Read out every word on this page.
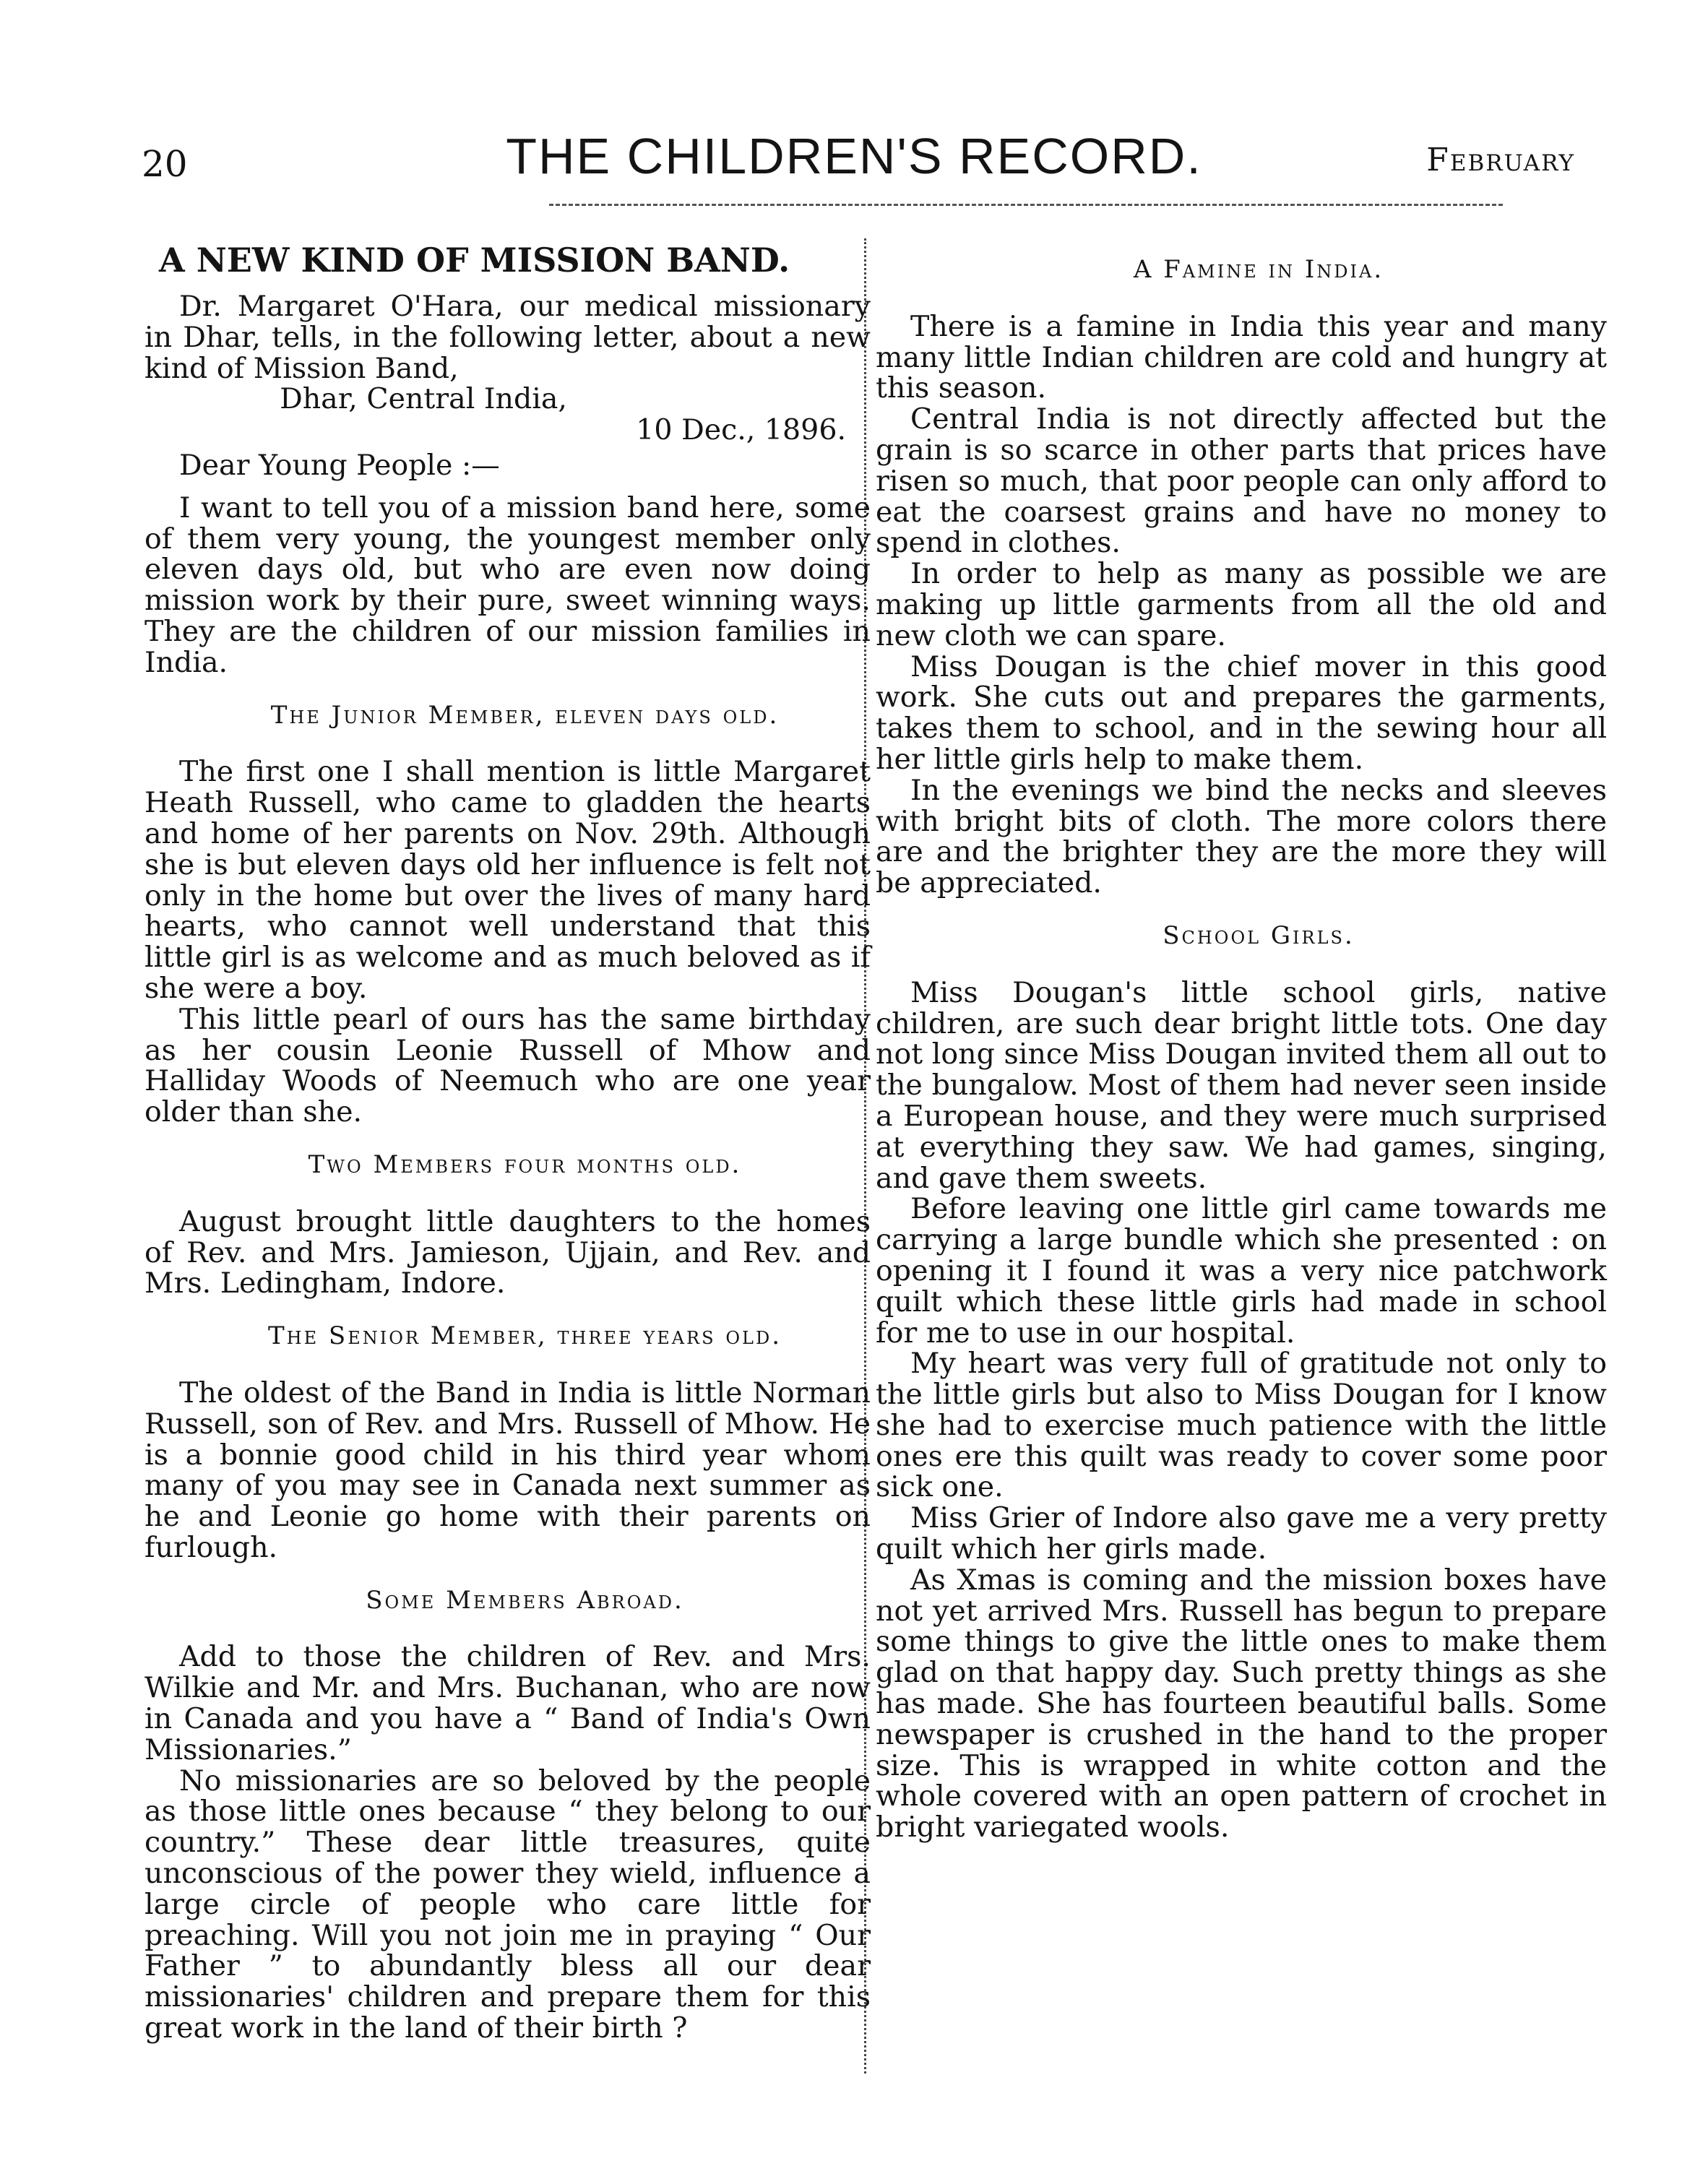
20	THE CHILDREN'S RECORD.	February
A NEW KIND OF MISSION BAND.

Dr. Margaret O'Hara, our medical missionary in Dhar, tells, in the following letter, about a new kind of Mission Band,

Dhar, Central India,

10 Dec., 1896.

Dear Young People :—

I want to tell you of a mission band here, some of them very young, the youngest member only eleven days old, but who are even now doing mission work by their pure, sweet winning ways. They are the children of our mission families in India.

The Junior Member, eleven days old.

The first one I shall mention is little Margaret Heath Russell, who came to gladden the hearts and home of her parents on Nov. 29th. Although she is but eleven days old her influence is felt not only in the home but over the lives of many hard hearts, who cannot well understand that this little girl is as welcome and as much beloved as if she were a boy.

This little pearl of ours has the same birthday as her cousin Leonie Russell of Mhow and Halliday Woods of Neemuch who are one year older than she.

Two Members four months old.

August brought little daughters to the homes of Rev. and Mrs. Jamieson, Ujjain, and Rev. and Mrs. Ledingham, Indore.

The Senior Member, three years old.

The oldest of the Band in India is little Norman Russell, son of Rev. and Mrs. Russell of Mhow. He is a bonnie good child in his third year whom many of you may see in Canada next summer as he and Leonie go home with their parents on furlough.

Some Members Abroad.

Add to those the children of Rev. and Mrs. Wilkie and Mr. and Mrs. Buchanan, who are now in Canada and you have a “ Band of India's Own Missionaries.”

No missionaries are so beloved by the people as those little ones because “ they belong to our country.” These dear little treasures, quite unconscious of the power they wield, influence a large circle of people who care little for preaching. Will you not join me in praying “ Our Father ” to abundantly bless all our dear missionaries' children and prepare them for this great work in the land of their birth ?

A Famine in India.

There is a famine in India this year and many many little Indian children are cold and hungry at this season.

Central India is not directly affected but the grain is so scarce in other parts that prices have risen so much, that poor people can only afford to eat the coarsest grains and have no money to spend in clothes.

In order to help as many as possible we are making up little garments from all the old and new cloth we can spare.

Miss Dougan is the chief mover in this good work. She cuts out and prepares the garments, takes them to school, and in the sewing hour all her little girls help to make them.

In the evenings we bind the necks and sleeves with bright bits of cloth. The more colors there are and the brighter they are the more they will be appreciated.

School Girls.

Miss Dougan's little school girls, native children, are such dear bright little tots. One day not long since Miss Dougan invited them all out to the bungalow. Most of them had never seen inside a European house, and they were much surprised at everything they saw. We had games, singing, and gave them sweets.

Before leaving one little girl came towards me carrying a large bundle which she presented : on opening it I found it was a very nice patchwork quilt which these little girls had made in school for me to use in our hospital.

My heart was very full of gratitude not only to the little girls but also to Miss Dougan for I know she had to exercise much patience with the little ones ere this quilt was ready to cover some poor sick one.

Miss Grier of Indore also gave me a very pretty quilt which her girls made.

As Xmas is coming and the mission boxes have not yet arrived Mrs. Russell has begun to prepare some things to give the little ones to make them glad on that happy day. Such pretty things as she has made. She has fourteen beautiful balls. Some newspaper is crushed in the hand to the proper size. This is wrapped in white cotton and the whole covered with an open pattern of crochet in bright variegated wools.
